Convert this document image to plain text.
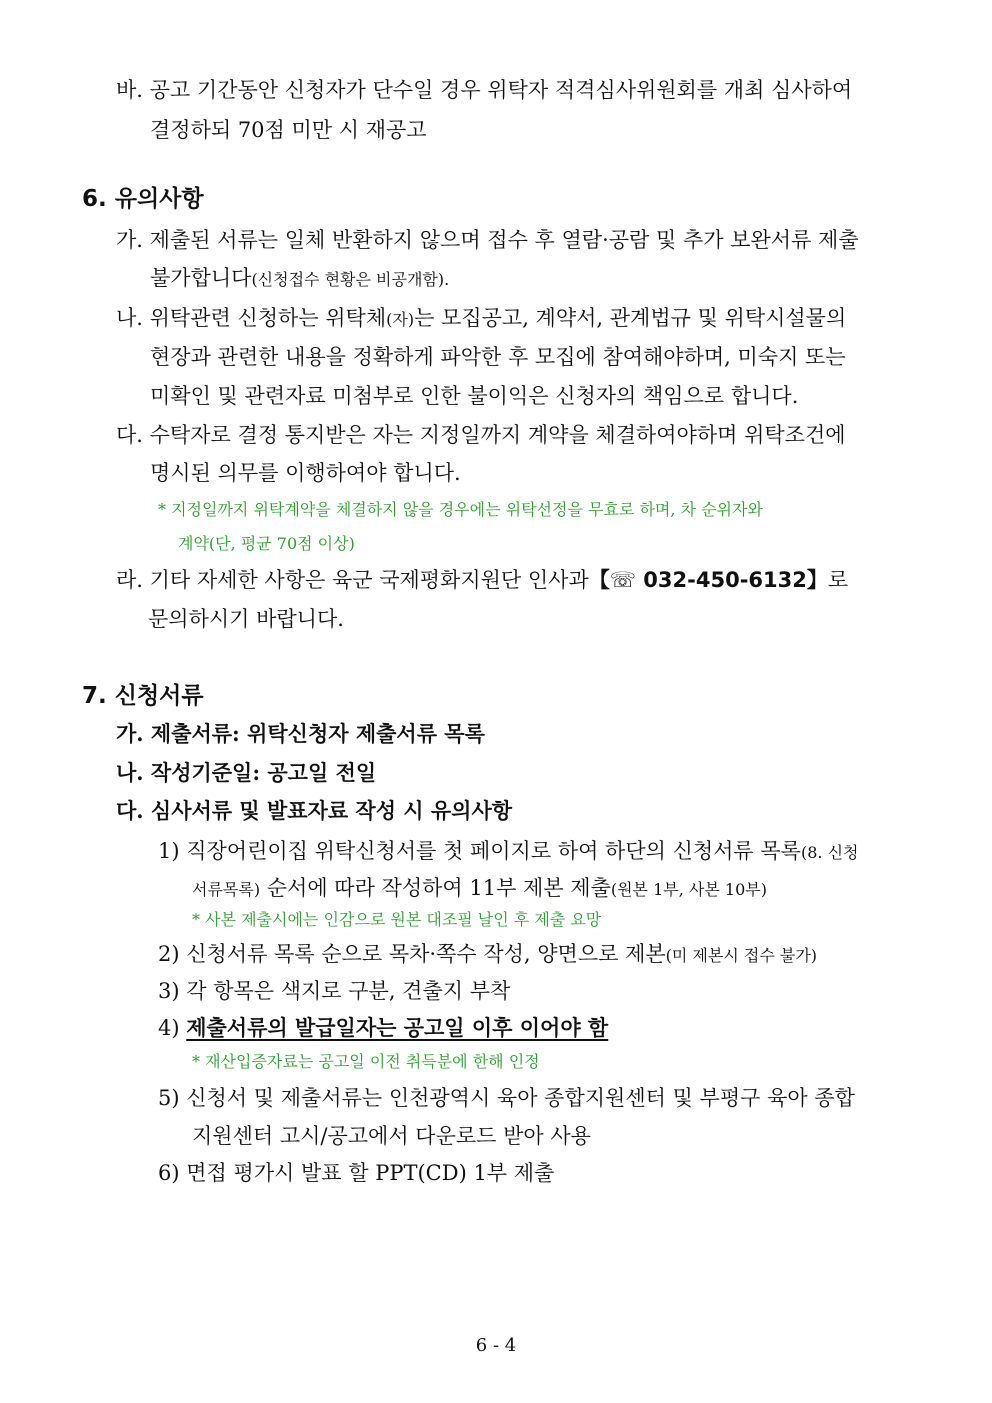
바. 공고 기간동안 신청자가 단수일 경우 위탁자 적격심사위원회를 개최 심사하여
결정하되 70점 미만 시 재공고
6. 유의사항
가. 제출된 서류는 일체 반환하지 않으며 접수 후 열람·공람 및 추가 보완서류 제출
불가합니다(신청접수 현황은 비공개함).
나. 위탁관련 신청하는 위탁체(자)는 모집공고, 계약서, 관계법규 및 위탁시설물의
현장과 관련한 내용을 정확하게 파악한 후 모집에 참여해야하며, 미숙지 또는
미확인 및 관련자료 미첨부로 인한 불이익은 신청자의 책임으로 합니다.
다. 수탁자로 결정 통지받은 자는 지정일까지 계약을 체결하여야하며 위탁조건에
명시된 의무를 이행하여야 합니다.
* 지정일까지 위탁계약을 체결하지 않을 경우에는 위탁선정을 무효로 하며, 차 순위자와
계약(단, 평균 70점 이상)
라. 기타 자세한 사항은 육군 국제평화지원단 인사과【☏ 032-450-6132】로
문의하시기 바랍니다.
7. 신청서류
가. 제출서류: 위탁신청자 제출서류 목록
나. 작성기준일: 공고일 전일
다. 심사서류 및 발표자료 작성 시 유의사항
1) 직장어린이집 위탁신청서를 첫 페이지로 하여 하단의 신청서류 목록(8. 신청
서류목록) 순서에 따라 작성하여 11부 제본 제출(원본 1부, 사본 10부)
* 사본 제출시에는 인감으로 원본 대조필 날인 후 제출 요망
2) 신청서류 목록 순으로 목차·쪽수 작성, 양면으로 제본(미 제본시 접수 불가)
3) 각 항목은 색지로 구분, 견출지 부착
4) 제출서류의 발급일자는 공고일 이후 이어야 함
* 재산입증자료는 공고일 이전 취득분에 한해 인정
5) 신청서 및 제출서류는 인천광역시 육아 종합지원센터 및 부평구 육아 종합
지원센터 고시/공고에서 다운로드 받아 사용
6) 면접 평가시 발표 할 PPT(CD) 1부 제출
6 - 4
